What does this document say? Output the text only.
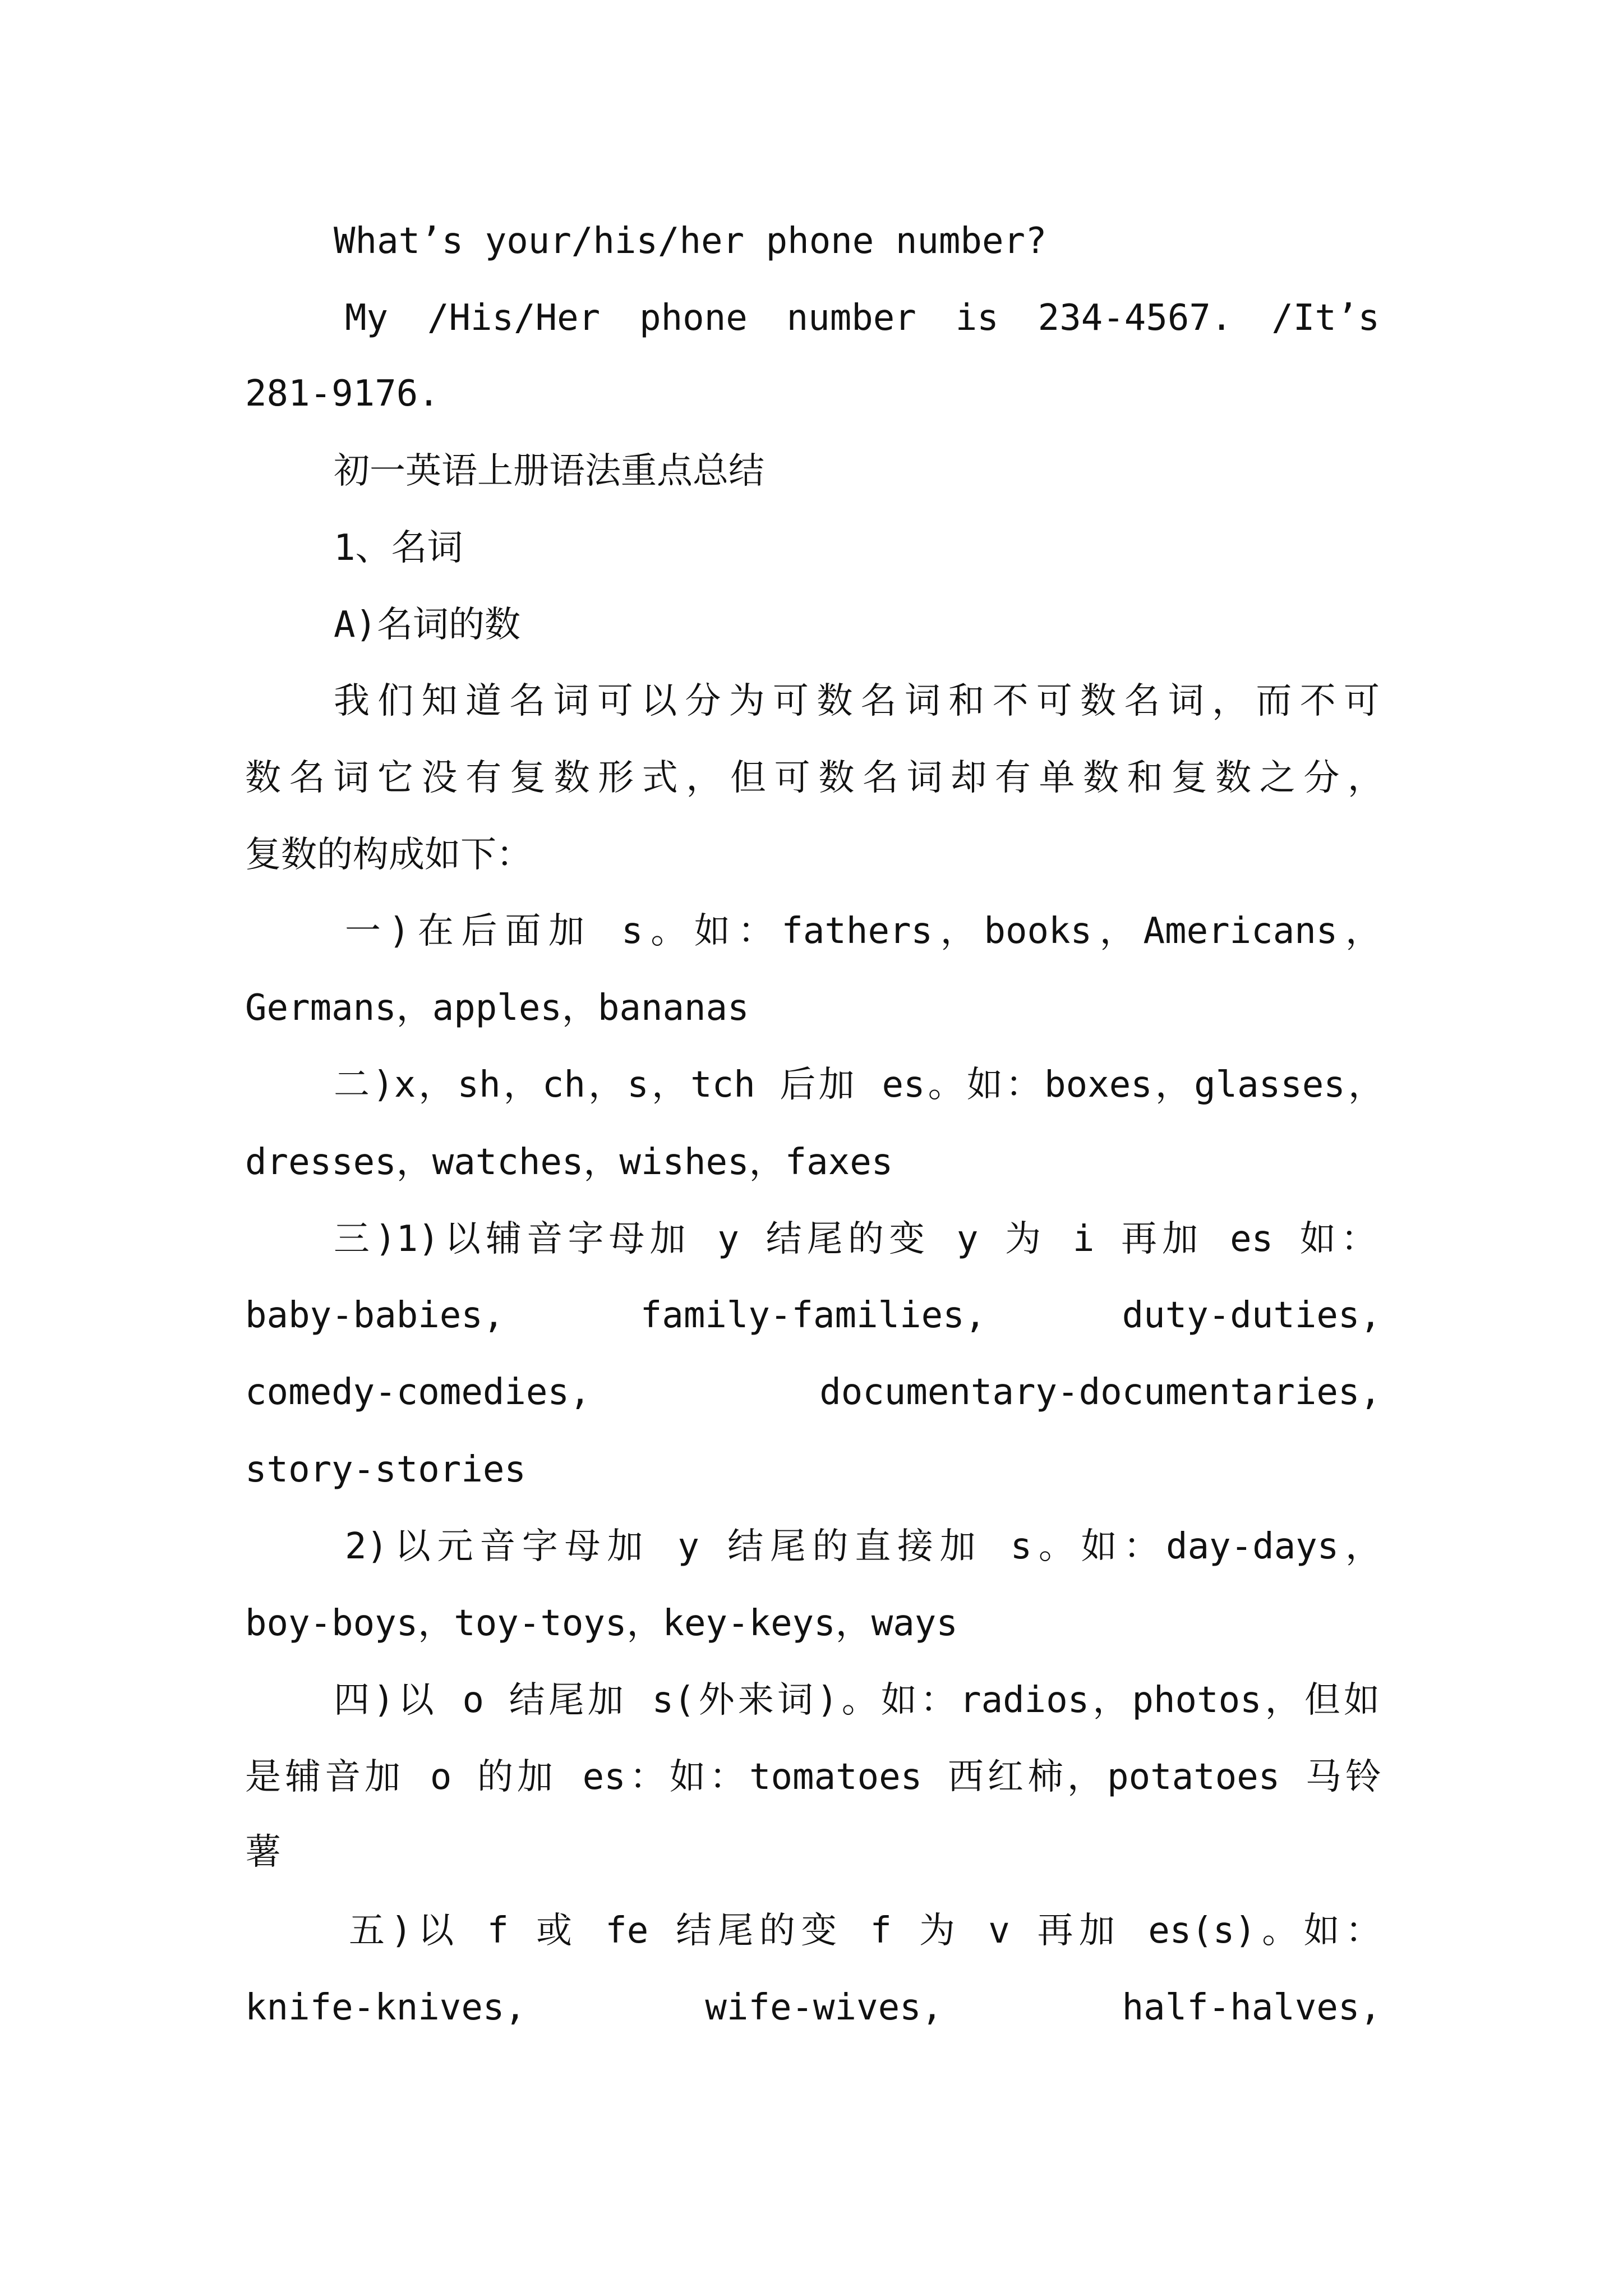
What’s your/his/her phone number?
My /His/Her phone number is 234-4567. /It’s
281-9176.
初一英语上册语法重点总结
1、名词
A)名词的数
我们知道名词可以分为可数名词和不可数名词，而不可
数名词它没有复数形式，但可数名词却有单数和复数之分，
复数的构成如下：
一)在后面加 s。如：fathers，books，Americans，
Germans，apples，bananas
二)x，sh，ch，s，tch 后加 es。如：boxes，glasses，
dresses，watches，wishes，faxes
三)1)以辅音字母加 y 结尾的变 y 为 i 再加 es 如：
baby-babies,	family-families,	duty-duties,
comedy-comedies,	documentary-documentaries,
story-stories
2)以元音字母加 y 结尾的直接加 s。如：day-days，
boy-boys，toy-toys，key-keys，ways
四)以 o 结尾加 s(外来词)。如：radios，photos，但如
是辅音加 o 的加 es：如：tomatoes 西红柿，potatoes 马铃
薯
五)以 f 或 fe 结尾的变 f 为 v 再加 es(s)。如：
knife-knives,	wife-wives,	half-halves,
